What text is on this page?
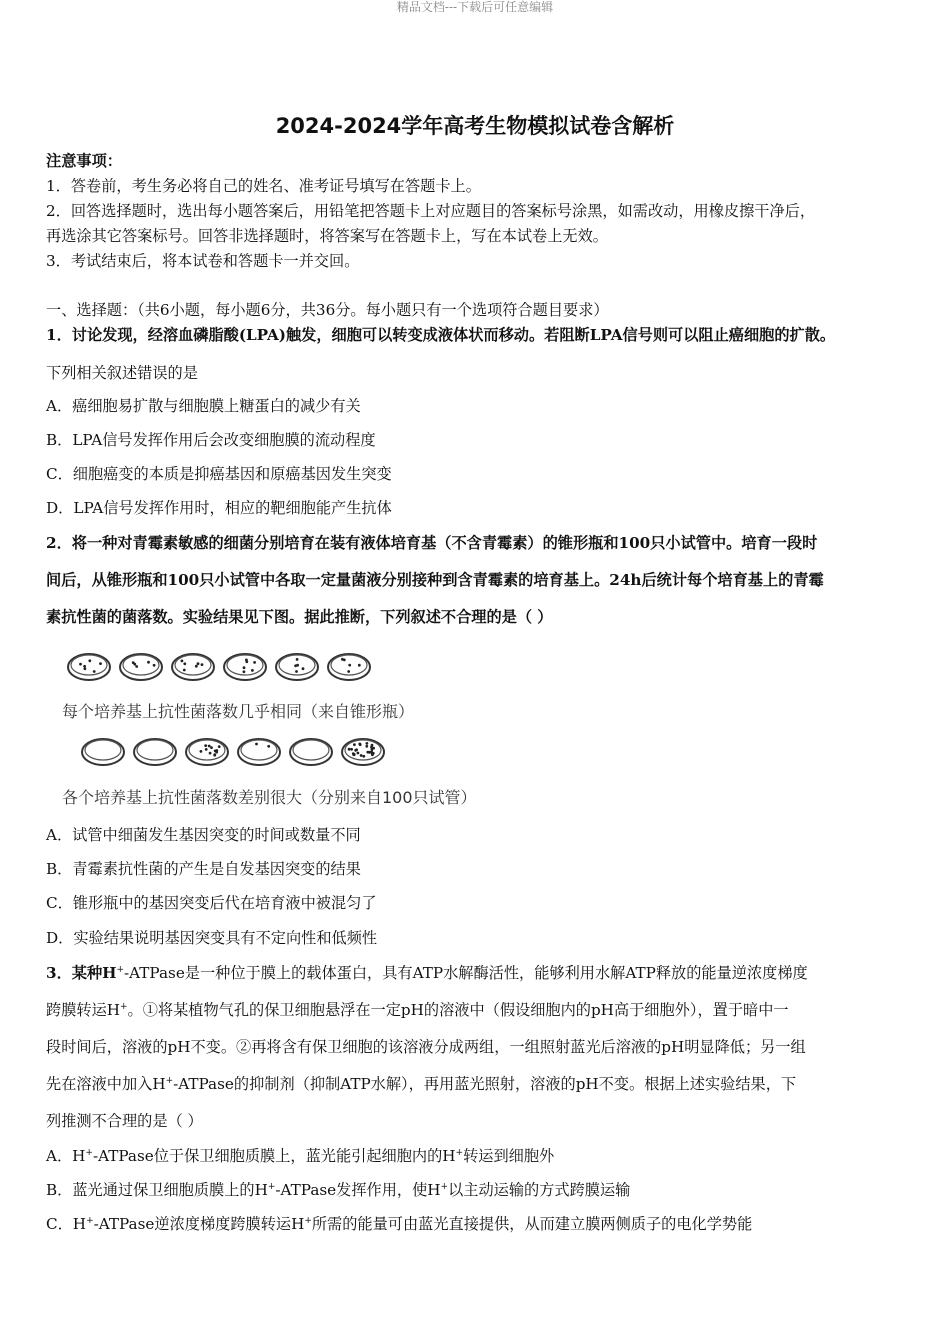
精品文档---下载后可任意编辑
2024-2024学年高考生物模拟试卷含解析
注意事项：
1．答卷前，考生务必将自己的姓名、准考证号填写在答题卡上。
2．回答选择题时，选出每小题答案后，用铅笔把答题卡上对应题目的答案标号涂黑，如需改动，用橡皮擦干净后，
再选涂其它答案标号。回答非选择题时，将答案写在答题卡上，写在本试卷上无效。
3．考试结束后，将本试卷和答题卡一并交回。
一、选择题：（共6小题，每小题6分，共36分。每小题只有一个选项符合题目要求）
1．讨论发现，经溶血磷脂酸(LPA)触发，细胞可以转变成液体状而移动。若阻断LPA信号则可以阻止癌细胞的扩散。
下列相关叙述错误的是
A．癌细胞易扩散与细胞膜上糖蛋白的减少有关
B．LPA信号发挥作用后会改变细胞膜的流动程度
C．细胞癌变的本质是抑癌基因和原癌基因发生突变
D．LPA信号发挥作用时，相应的靶细胞能产生抗体
2．将一种对青霉素敏感的细菌分别培育在装有液体培育基（不含青霉素）的锥形瓶和100只小试管中。培育一段时
间后，从锥形瓶和100只小试管中各取一定量菌液分别接种到含青霉素的培育基上。24h后统计每个培育基上的青霉
素抗性菌的菌落数。实验结果见下图。据此推断，下列叙述不合理的是（ ）
每个培养基上抗性菌落数几乎相同（来自锥形瓶）
各个培养基上抗性菌落数差别很大（分别来自100只试管）
A．试管中细菌发生基因突变的时间或数量不同
B．青霉素抗性菌的产生是自发基因突变的结果
C．锥形瓶中的基因突变后代在培育液中被混匀了
D．实验结果说明基因突变具有不定向性和低频性
3．某种H+-ATPase是一种位于膜上的载体蛋白，具有ATP水解酶活性，能够利用水解ATP释放的能量逆浓度梯度
跨膜转运H+。①将某植物气孔的保卫细胞悬浮在一定pH的溶液中（假设细胞内的pH高于细胞外），置于暗中一
段时间后，溶液的pH不变。②再将含有保卫细胞的该溶液分成两组，一组照射蓝光后溶液的pH明显降低；另一组
先在溶液中加入H+-ATPase的抑制剂（抑制ATP水解），再用蓝光照射，溶液的pH不变。根据上述实验结果，下
列推测不合理的是（ ）
A．H+-ATPase位于保卫细胞质膜上，蓝光能引起细胞内的H+转运到细胞外
B．蓝光通过保卫细胞质膜上的H+-ATPase发挥作用，使H+以主动运输的方式跨膜运输
C．H+-ATPase逆浓度梯度跨膜转运H+所需的能量可由蓝光直接提供，从而建立膜两侧质子的电化学势能
